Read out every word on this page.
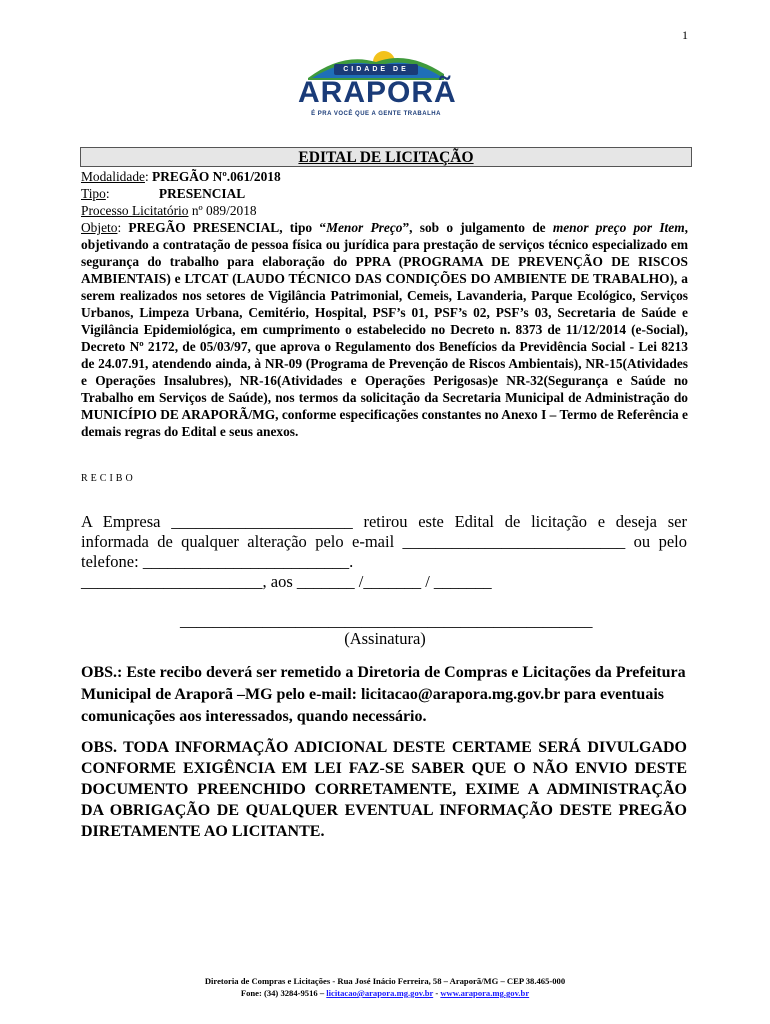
1
CIDADE DE
ARAPORÃ
É PRA VOCÊ QUE A GENTE TRABALHA
EDITAL DE LICITAÇÃO
Modalidade: PREGÃO Nº.061/2018
Tipo:	PRESENCIAL
Processo Licitatório nº 089/2018
Objeto: PREGÃO PRESENCIAL, tipo “Menor Preço”, sob o julgamento de menor preço por Item, objetivando a contratação de pessoa física ou jurídica para prestação de serviços técnico especializado em segurança do trabalho para elaboração do PPRA (PROGRAMA DE PREVENÇÃO DE RISCOS AMBIENTAIS) e LTCAT (LAUDO TÉCNICO DAS CONDIÇÕES DO AMBIENTE DE TRABALHO), a serem realizados nos setores de Vigilância Patrimonial, Cemeis, Lavanderia, Parque Ecológico, Serviços Urbanos, Limpeza Urbana, Cemitério, Hospital, PSF’s 01, PSF’s 02, PSF’s 03, Secretaria de Saúde e Vigilância Epidemiológica, em cumprimento o estabelecido no Decreto n. 8373 de 11/12/2014 (e-Social), Decreto Nº 2172, de 05/03/97, que aprova o Regulamento dos Benefícios da Previdência Social - Lei 8213 de 24.07.91, atendendo ainda, à NR-09 (Programa de Prevenção de Riscos Ambientais), NR-15(Atividades e Operações Insalubres), NR-16(Atividades e Operações Perigosas)e NR-32(Segurança e Saúde no Trabalho em Serviços de Saúde), nos termos da solicitação da Secretaria Municipal de Administração do MUNICÍPIO DE ARAPORÃ/MG, conforme especificações constantes no Anexo I – Termo de Referência e demais regras do Edital e seus anexos.
RECIBO
A Empresa ______________________ retirou este Edital de licitação e deseja ser informada de qualquer alteração pelo e-mail ___________________________ ou pelo telefone: _________________________.
______________________, aos _______ /_______ / _______
__________________________________________________
(Assinatura)
OBS.: Este recibo deverá ser remetido a Diretoria de Compras e Licitações da Prefeitura Municipal de Araporã –MG pelo e-mail: licitacao@arapora.mg.gov.br para eventuais comunicações aos interessados, quando necessário.
OBS. TODA INFORMAÇÃO ADICIONAL DESTE CERTAME SERÁ DIVULGADO CONFORME EXIGÊNCIA EM LEI FAZ-SE SABER QUE O NÃO ENVIO DESTE DOCUMENTO PREENCHIDO CORRETAMENTE, EXIME A ADMINISTRAÇÃO DA OBRIGAÇÃO DE QUALQUER EVENTUAL INFORMAÇÃO DESTE PREGÃO DIRETAMENTE AO LICITANTE.
Diretoria de Compras e Licitações - Rua José Inácio Ferreira, 58 – Araporã/MG – CEP 38.465-000
Fone: (34) 3284-9516 – licitacao@arapora.mg.gov.br - www.arapora.mg.gov.br
